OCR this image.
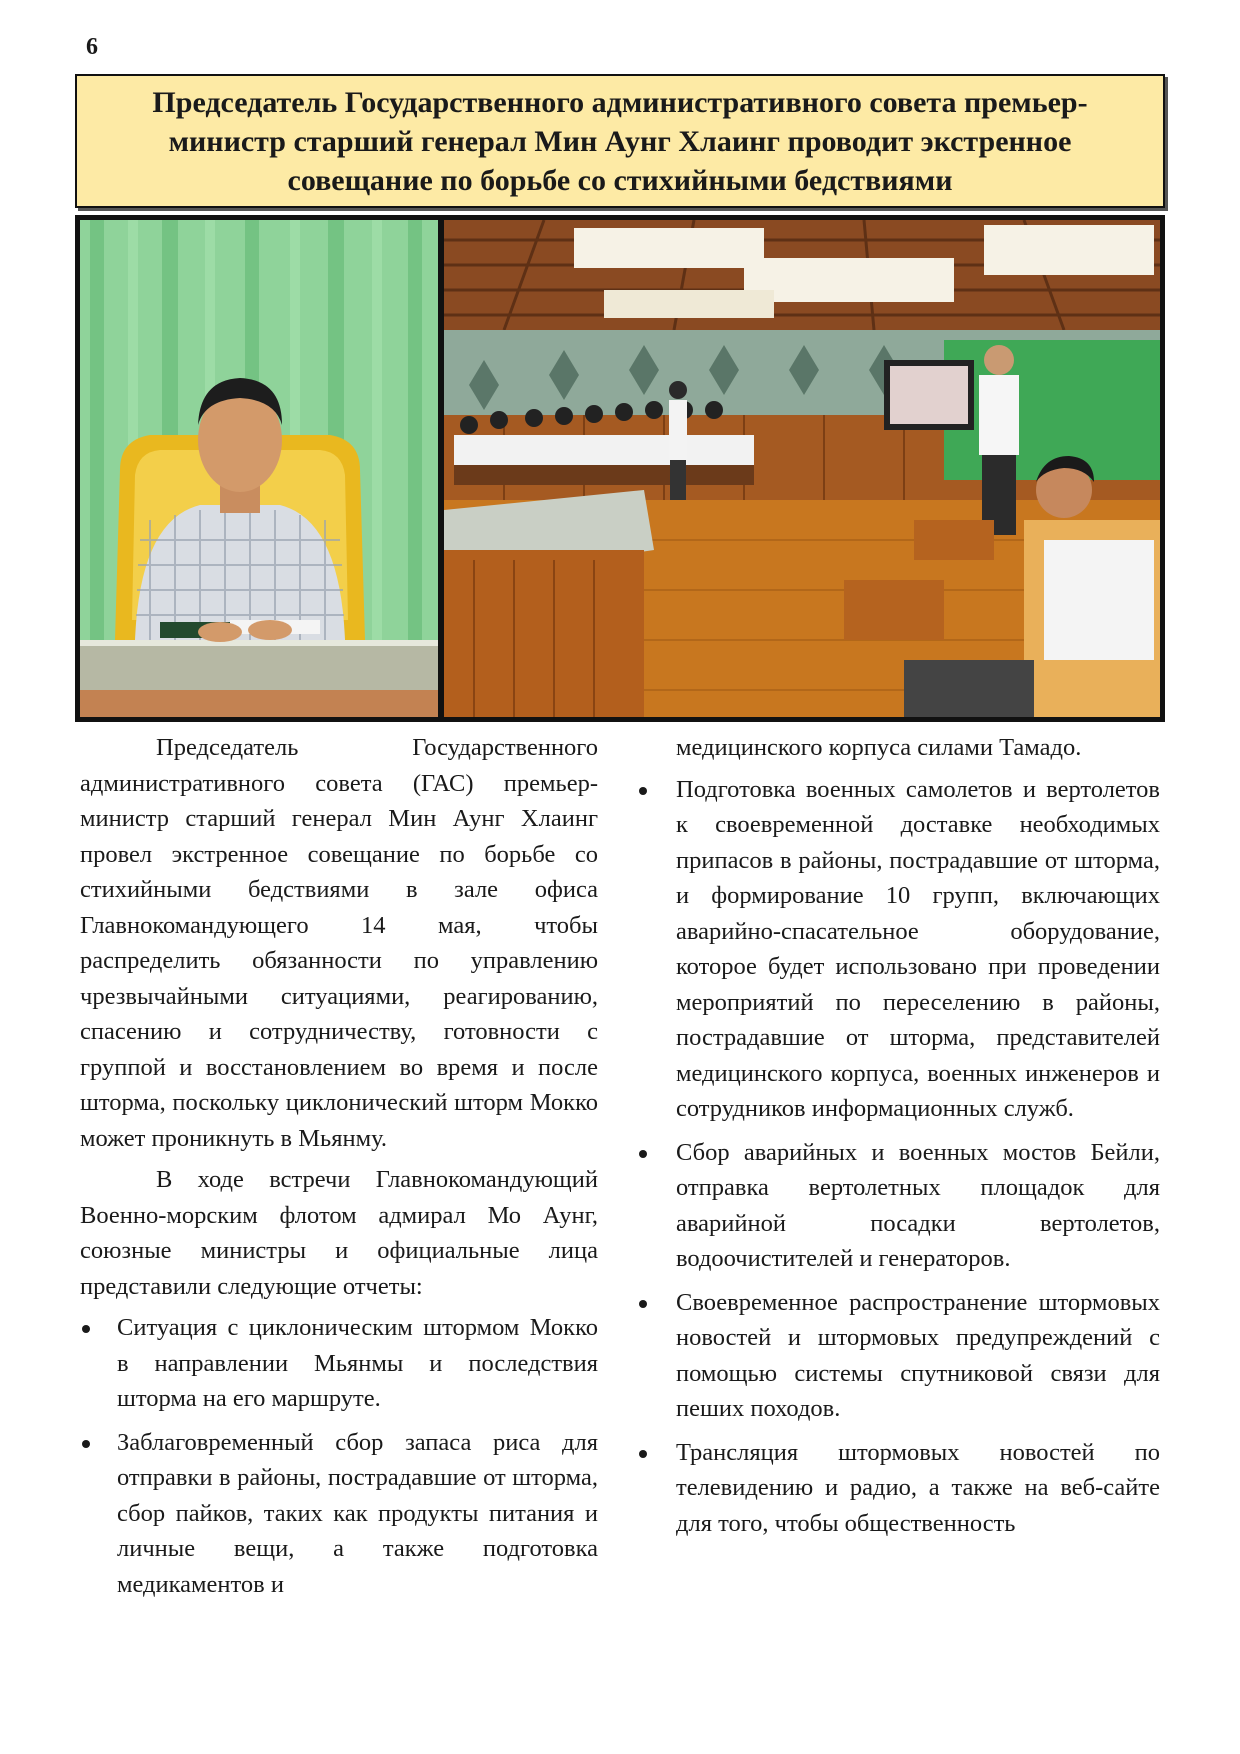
6
Председатель Государственного административного совета премьер-министр старший генерал Мин Аунг Хлаинг проводит экстренное совещание по борьбе со стихийными бедствиями

Председатель Государственного административного совета (ГАС) премьер-министр старший генерал Мин Аунг Хлаинг провел экстренное совещание по борьбе со стихийными бедствиями в зале офиса Главнокомандующего 14 мая, чтобы распределить обязанности по управлению чрезвычайными ситуациями, реагированию, спасению и сотрудничеству, готовности с группой и восстановлением во время и после шторма, поскольку циклонический шторм Мокко может проникнуть в Мьянму.

В ходе встречи Главнокомандующий Военно-морским флотом адмирал Мо Аунг, союзные министры и официальные лица представили следующие отчеты:

Ситуация с циклоническим штормом Мокко в направлении Мьянмы и последствия шторма на его маршруте.
Заблаговременный сбор запаса риса для отправки в районы, пострадавшие от шторма, сбор пайков, таких как продукты питания и личные вещи, а также подготовка медикаментов и

медицинского корпуса силами Тамадо.

Подготовка военных самолетов и вертолетов к своевременной доставке необходимых припасов в районы, пострадавшие от шторма, и формирование 10 групп, включающих аварийно-спасательное оборудование, которое будет использовано при проведении мероприятий по переселению в районы, пострадавшие от шторма, представителей медицинского корпуса, военных инженеров и сотрудников информационных служб.
Сбор аварийных и военных мостов Бейли, отправка вертолетных площадок для аварийной посадки вертолетов, водоочистителей и генераторов.
Своевременное распространение штормовых новостей и штормовых предупреждений с помощью системы спутниковой связи для пеших походов.
Трансляция штормовых новостей по телевидению и радио, а также на веб-сайте для того, чтобы общественность
